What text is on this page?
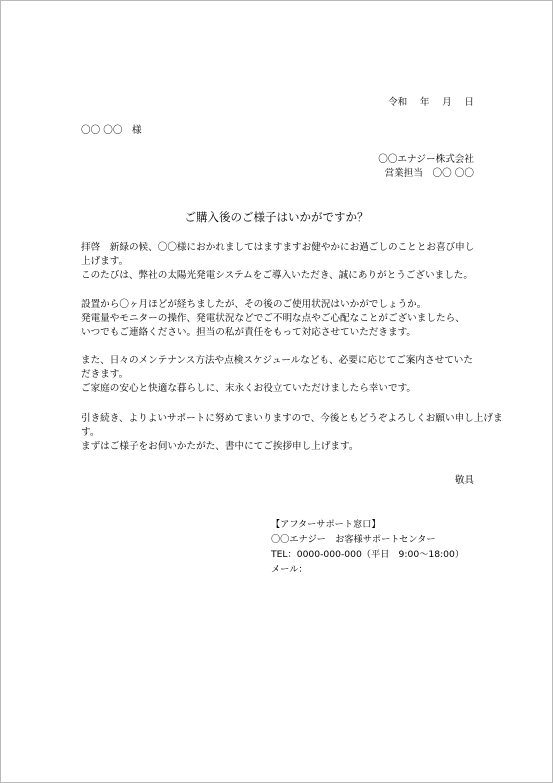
令和　 年　 月　 日
〇〇 〇〇　様
〇〇エナジー株式会社
営業担当　〇〇 〇〇
ご購入後のご様子はいかがですか？
拝啓　新緑の候、〇〇様におかれましてはますますお健やかにお過ごしのこととお喜び申し
上げます。
このたびは、弊社の太陽光発電システムをご導入いただき、誠にありがとうございました。
設置から〇ヶ月ほどが経ちましたが、その後のご使用状況はいかがでしょうか。
発電量やモニターの操作、発電状況などでご不明な点やご心配なことがございましたら、
いつでもご連絡ください。担当の私が責任をもって対応させていただきます。
また、日々のメンテナンス方法や点検スケジュールなども、必要に応じてご案内させていた
だきます。
ご家庭の安心と快適な暮らしに、末永くお役立ていただけましたら幸いです。
引き続き、よりよいサポートに努めてまいりますので、今後ともどうぞよろしくお願い申し上げま
す。
まずはご様子をお伺いかたがた、書中にてご挨拶申し上げます。
敬具
【アフターサポート窓口】
〇〇エナジー　お客様サポートセンター
TEL：0000-000-000（平日　9:00～18:00）
メール：
